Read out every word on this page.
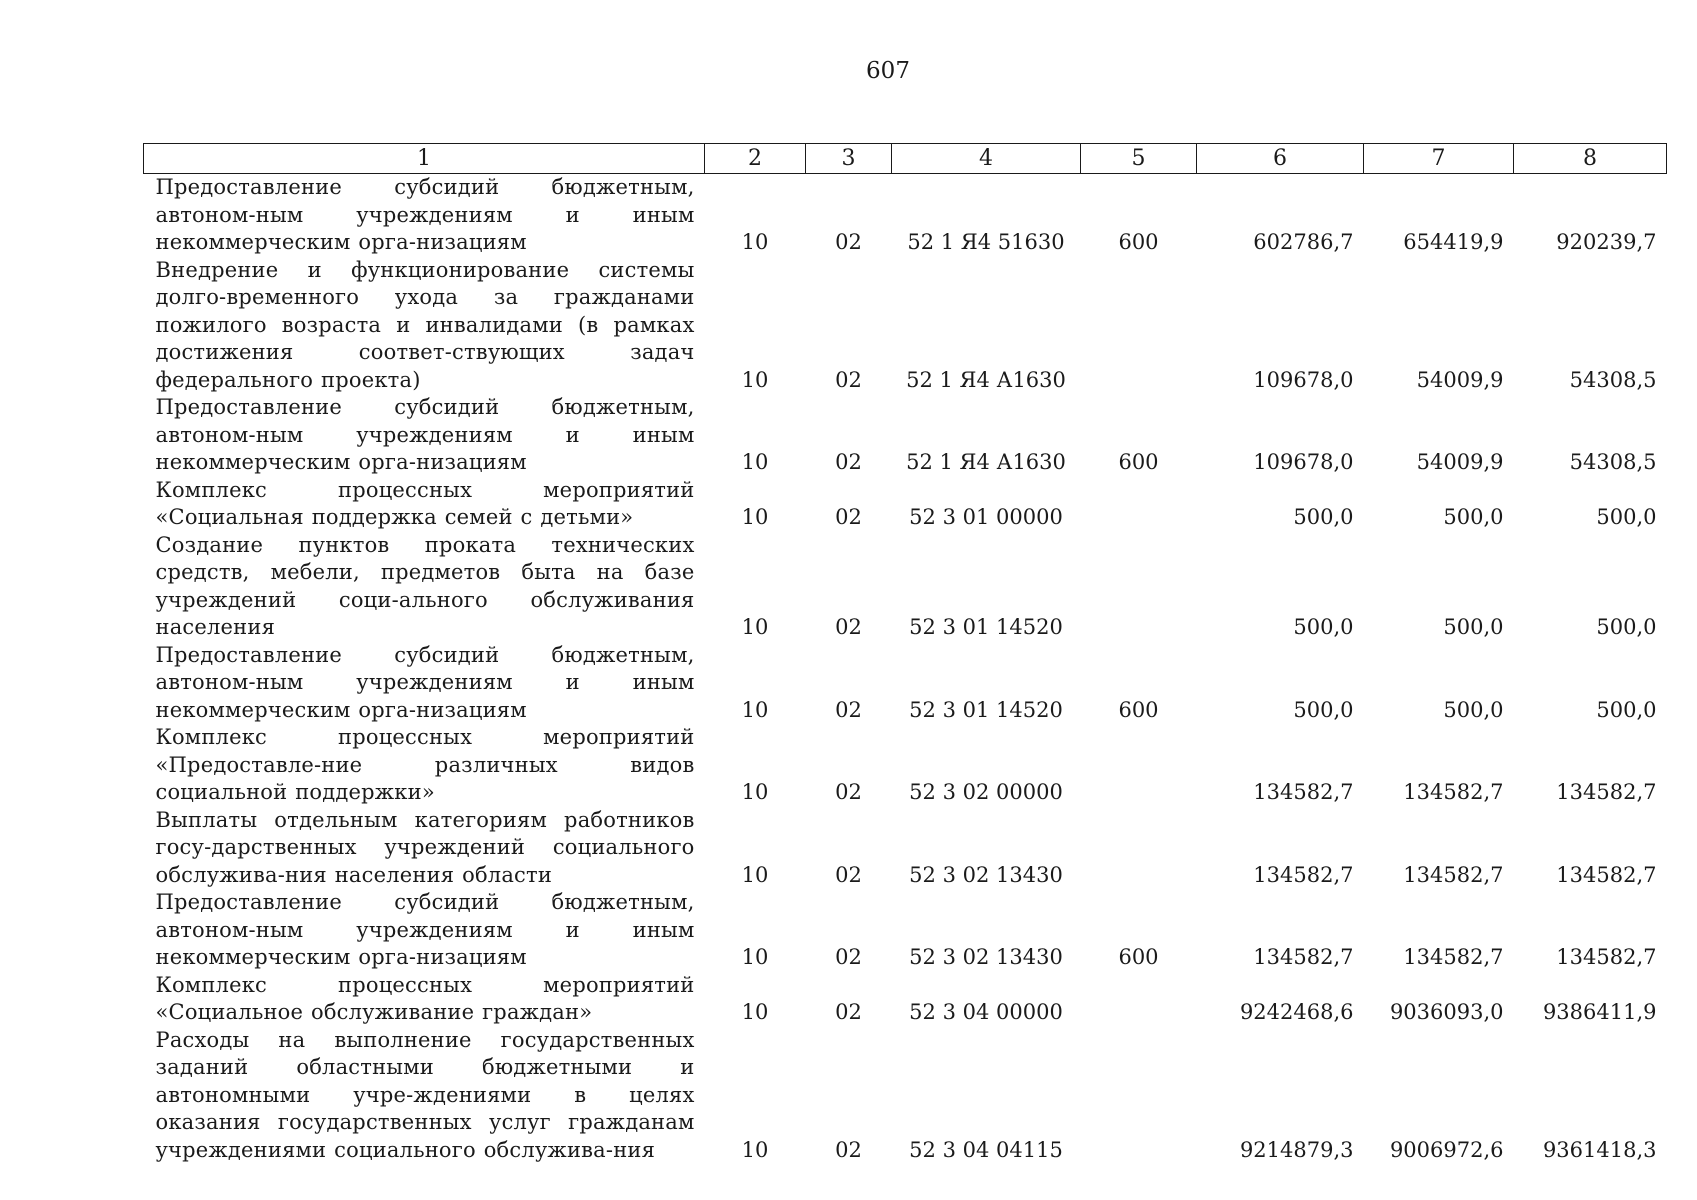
607
1	2	3	4	5	6	7	8
Предоставление субсидий бюджетным, автоном-ным учреждениям и иным некоммерческим орга-низациям	10	02	52 1 Я4 51630	600	602786,7	654419,9	920239,7
Внедрение и функционирование системы долго-временного ухода за гражданами пожилого возраста и инвалидами (в рамках достижения соответ-ствующих задач федерального проекта)	10	02	52 1 Я4 А1630		109678,0	54009,9	54308,5
Предоставление субсидий бюджетным, автоном-ным учреждениям и иным некоммерческим орга-низациям	10	02	52 1 Я4 А1630	600	109678,0	54009,9	54308,5
Комплекс процессных мероприятий «Социальная поддержка семей с детьми»	10	02	52 3 01 00000		500,0	500,0	500,0
Создание пунктов проката технических средств, мебели, предметов быта на базе учреждений соци-ального обслуживания населения	10	02	52 3 01 14520		500,0	500,0	500,0
Предоставление субсидий бюджетным, автоном-ным учреждениям и иным некоммерческим орга-низациям	10	02	52 3 01 14520	600	500,0	500,0	500,0
Комплекс процессных мероприятий «Предоставле-ние различных видов социальной поддержки»	10	02	52 3 02 00000		134582,7	134582,7	134582,7
Выплаты отдельным категориям работников госу-дарственных учреждений социального обслужива-ния населения области	10	02	52 3 02 13430		134582,7	134582,7	134582,7
Предоставление субсидий бюджетным, автоном-ным учреждениям и иным некоммерческим орга-низациям	10	02	52 3 02 13430	600	134582,7	134582,7	134582,7
Комплекс процессных мероприятий «Социальное обслуживание граждан»	10	02	52 3 04 00000		9242468,6	9036093,0	9386411,9
Расходы на выполнение государственных заданий областными бюджетными и автономными учре-ждениями в целях оказания государственных услуг гражданам учреждениями социального обслужива-ния	10	02	52 3 04 04115		9214879,3	9006972,6	9361418,3
